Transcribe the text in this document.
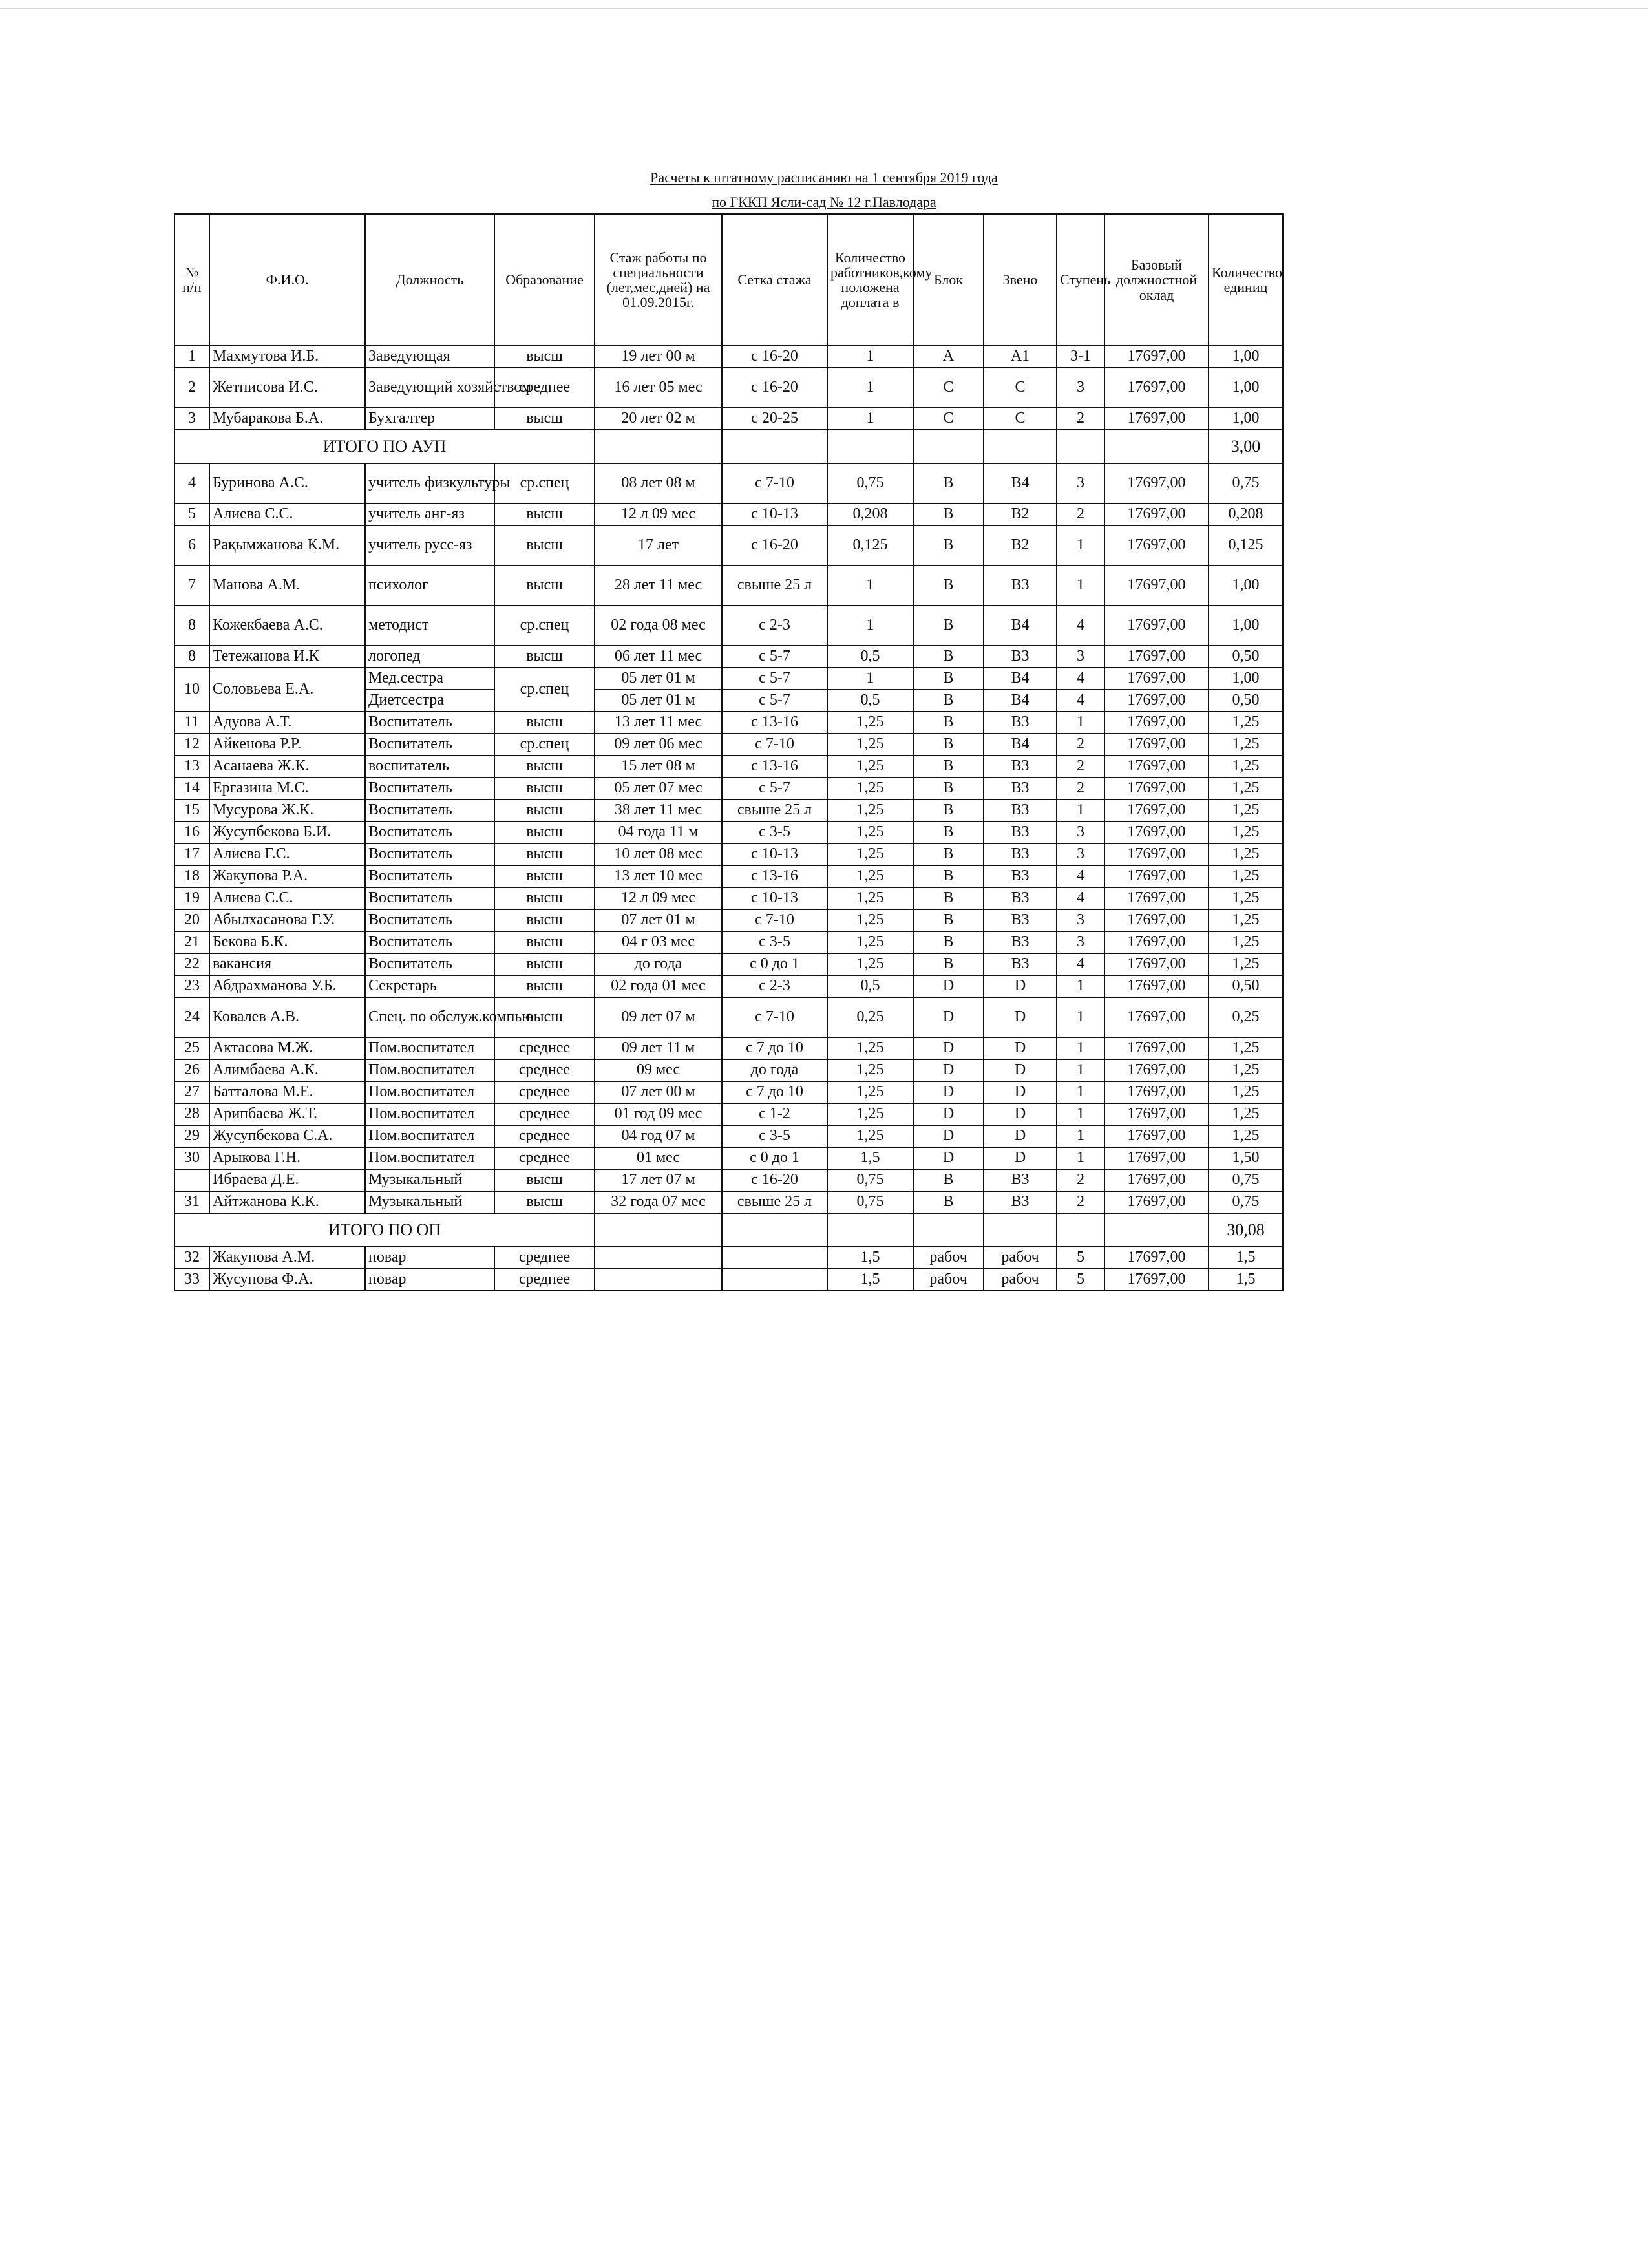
Расчеты к штатному расписанию на 1 сентября 2019 года
по ГККП Ясли-сад № 12 г.Павлодара
№ п/п	Ф.И.О.	Должность	Образование	Стаж работы по специальности (лет,мес,дней) на 01.09.2015г.	Сетка стажа	Количество работников,кому положена доплата в	Блок	Звено	Ступень	Базовый должностной оклад	Количество единиц
1	Махмутова И.Б.	Заведующая	высш	19 лет 00 м	с 16-20	1	А	А1	3-1	17697,00	1,00
2	Жетписова И.С.	Заведующий хозяйством	среднее	16 лет 05 мес	с 16-20	1	С	С	3	17697,00	1,00
3	Мубаракова Б.А.	Бухгалтер	высш	20 лет 02 м	с 20-25	1	С	С	2	17697,00	1,00
ИТОГО ПО АУП											3,00
4	Буринова А.С.	учитель физкультуры	ср.спец	08 лет 08 м	с 7-10	0,75	В	В4	3	17697,00	0,75
5	Алиева С.С.	учитель анг-яз	высш	12 л 09 мес	с 10-13	0,208	В	В2	2	17697,00	0,208
6	Рақымжанова К.М.	учитель русс-яз	высш	17 лет	с 16-20	0,125	В	В2	1	17697,00	0,125
7	Манова А.М.	психолог	высш	28 лет 11 мес	свыше 25 л	1	В	В3	1	17697,00	1,00
8	Кожекбаева А.С.	методист	ср.спец	02 года 08 мес	с 2-3	1	В	В4	4	17697,00	1,00
8	Тетежанова И.К	логопед	высш	06 лет 11 мес	с 5-7	0,5	В	В3	3	17697,00	0,50
10	Соловьева Е.А.	Мед.сестра	ср.спец	05 лет 01 м	с 5-7	1	В	В4	4	17697,00	1,00
		Диетсестра		05 лет 01 м	с 5-7	0,5	В	В4	4	17697,00	0,50
11	Адуова А.Т.	Воспитатель	высш	13 лет 11 мес	с 13-16	1,25	В	В3	1	17697,00	1,25
12	Айкенова Р.Р.	Воспитатель	ср.спец	09 лет 06 мес	с 7-10	1,25	В	В4	2	17697,00	1,25
13	Асанаева Ж.К.	воспитатель	высш	15 лет 08 м	с 13-16	1,25	В	В3	2	17697,00	1,25
14	Ергазина М.С.	Воспитатель	высш	05 лет 07 мес	с 5-7	1,25	В	В3	2	17697,00	1,25
15	Мусурова Ж.К.	Воспитатель	высш	38 лет 11 мес	свыше 25 л	1,25	В	В3	1	17697,00	1,25
16	Жусупбекова Б.И.	Воспитатель	высш	04 года 11 м	с 3-5	1,25	В	В3	3	17697,00	1,25
17	Алиева Г.С.	Воспитатель	высш	10 лет 08 мес	с 10-13	1,25	В	В3	3	17697,00	1,25
18	Жакупова Р.А.	Воспитатель	высш	13 лет 10 мес	с 13-16	1,25	В	В3	4	17697,00	1,25
19	Алиева С.С.	Воспитатель	высш	12 л 09 мес	с 10-13	1,25	В	В3	4	17697,00	1,25
20	Абылхасанова Г.У.	Воспитатель	высш	07 лет 01 м	с 7-10	1,25	В	В3	3	17697,00	1,25
21	Бекова Б.К.	Воспитатель	высш	04 г 03 мес	с 3-5	1,25	В	В3	3	17697,00	1,25
22	вакансия	Воспитатель	высш	до года	с 0 до 1	1,25	В	В3	4	17697,00	1,25
23	Абдрахманова У.Б.	Секретарь	высш	02 года 01 мес	с 2-3	0,5	D	D	1	17697,00	0,50
24	Ковалев А.В.	Спец. по обслуж.компью	высш	09 лет 07 м	с 7-10	0,25	D	D	1	17697,00	0,25
25	Актасова М.Ж.	Пом.воспитател	среднее	09 лет 11 м	с 7 до 10	1,25	D	D	1	17697,00	1,25
26	Алимбаева А.К.	Пом.воспитател	среднее	09 мес	до года	1,25	D	D	1	17697,00	1,25
27	Батталова М.Е.	Пом.воспитател	среднее	07 лет 00 м	с 7 до 10	1,25	D	D	1	17697,00	1,25
28	Арипбаева Ж.Т.	Пом.воспитател	среднее	01 год 09 мес	с 1-2	1,25	D	D	1	17697,00	1,25
29	Жусупбекова С.А.	Пом.воспитател	среднее	04 год 07 м	с 3-5	1,25	D	D	1	17697,00	1,25
30	Арыкова Г.Н.	Пом.воспитател	среднее	01 мес	с 0 до 1	1,5	D	D	1	17697,00	1,50
	Ибраева Д.Е.	Музыкальный	высш	17 лет 07 м	с 16-20	0,75	В	В3	2	17697,00	0,75
31	Айтжанова К.К.	Музыкальный	высш	32 года 07 мес	свыше 25 л	0,75	В	В3	2	17697,00	0,75
ИТОГО ПО ОП											30,08
32	Жакупова А.М.	повар	среднее			1,5	рабоч	рабоч	5	17697,00	1,5
33	Жусупова Ф.А.	повар	среднее			1,5	рабоч	рабоч	5	17697,00	1,5
